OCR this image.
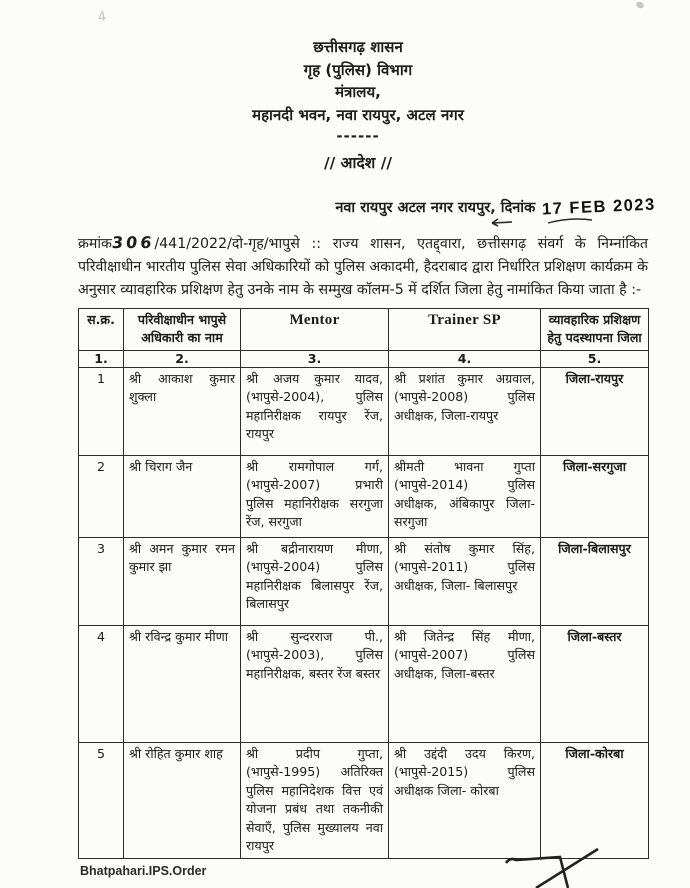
4
छत्तीसगढ़ शासन
गृह (पुलिस) विभाग
मंत्रालय,
महानदी भवन, नवा रायपुर, अटल नगर
------
// आदेश //
नवा रायपुर अटल नगर रायपुर, दिनांक 17 FEB 2023

क्रमांक306/441/2022/दो-गृह/भापुसे :: राज्य शासन, एतद्द्वारा, छत्तीसगढ़ संवर्ग के निम्नांकित परिवीक्षाधीन भारतीय पुलिस सेवा अधिकारियों को पुलिस अकादमी, हैदराबाद द्वारा निर्धारित प्रशिक्षण कार्यक्रम के अनुसार व्यावहारिक प्रशिक्षण हेतु उनके नाम के सम्मुख कॉलम-5 में दर्शित जिला हेतु नामांकित किया जाता है :-

स.क्र.	परिवीक्षाधीन भापुसे अधिकारी का नाम	Mentor	Trainer SP	व्यावहारिक प्रशिक्षण हेतु पदस्थापना जिला
1.	2.	3.	4.	5.
1	श्री आकाश कुमार शुक्ला	श्री अजय कुमार यादव, (भापुसे-2004), पुलिस महानिरीक्षक रायपुर रेंज, रायपुर	श्री प्रशांत कुमार अग्रवाल, (भापुसे-2008) पुलिस अधीक्षक, जिला-रायपुर	जिला-रायपुर
2	श्री चिराग जैन	श्री रामगोपाल गर्ग, (भापुसे-2007) प्रभारी पुलिस महानिरीक्षक सरगुजा रेंज, सरगुजा	श्रीमती भावना गुप्ता (भापुसे-2014) पुलिस अधीक्षक, अंबिकापुर जिला-सरगुजा	जिला-सरगुजा
3	श्री अमन कुमार रमन कुमार झा	श्री बद्रीनारायण मीणा, (भापुसे-2004) पुलिस महानिरीक्षक बिलासपुर रेंज, बिलासपुर	श्री संतोष कुमार सिंह, (भापुसे-2011) पुलिस अधीक्षक, जिला- बिलासपुर	जिला-बिलासपुर
4	श्री रविन्द्र कुमार मीणा	श्री सुन्दरराज पी., (भापुसे-2003), पुलिस महानिरीक्षक, बस्तर रेंज बस्तर	श्री जितेन्द्र सिंह मीणा, (भापुसे-2007) पुलिस अधीक्षक, जिला-बस्तर	जिला-बस्तर
5	श्री रोहित कुमार शाह	श्री प्रदीप गुप्ता,(भापुसे-1995) अतिरिक्त पुलिस महानिदेशक वित्त एवं योजना प्रबंध तथा तकनीकी सेवाएँ, पुलिस मुख्यालय नवा रायपुर	श्री उद्दंदी उदय किरण, (भापुसे-2015) पुलिस अधीक्षक जिला- कोरबा	जिला-कोरबा
Bhatpahari.IPS.Order
